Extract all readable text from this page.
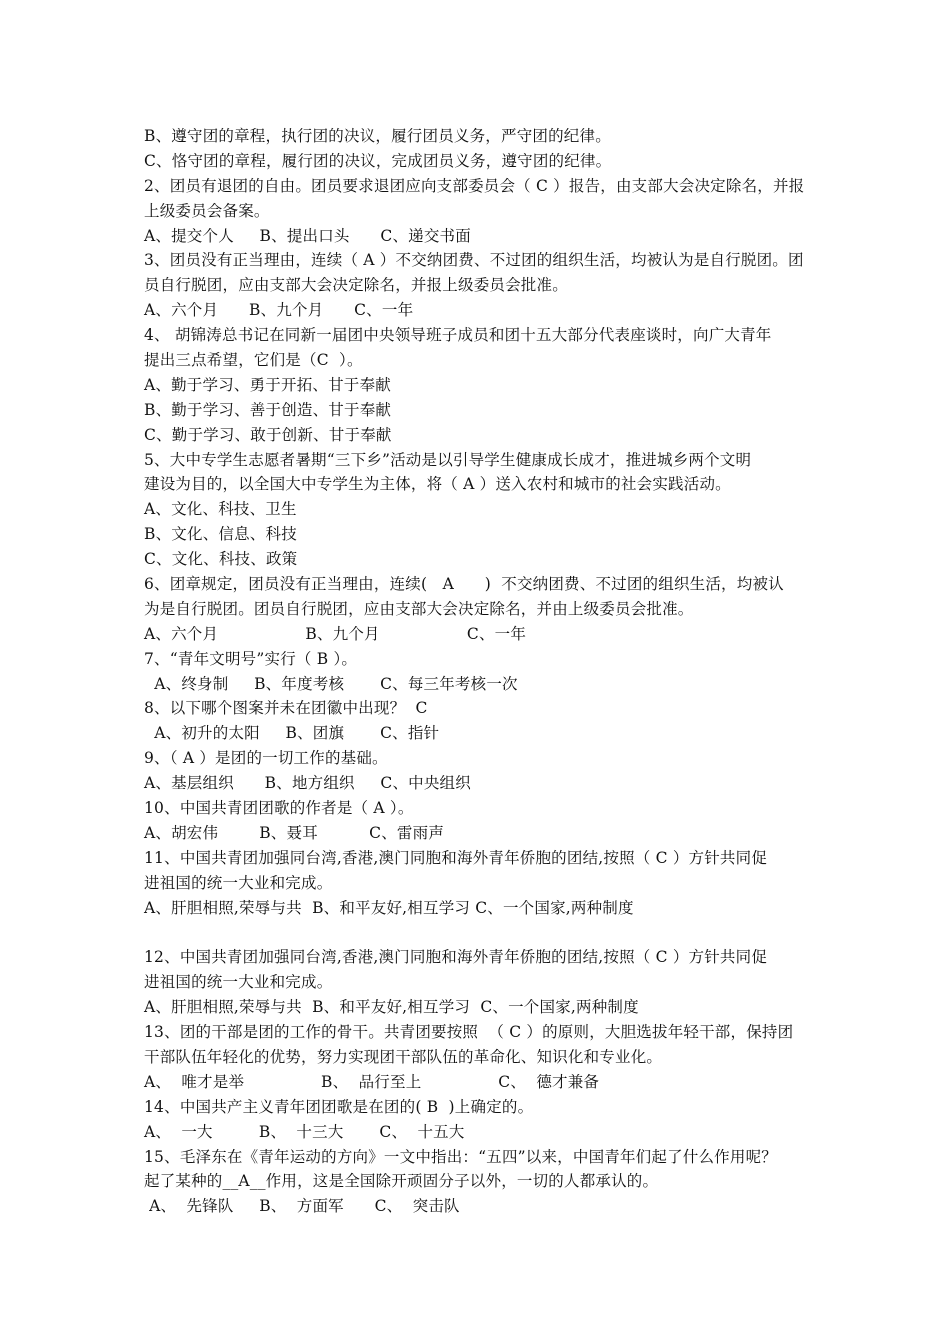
B、遵守团的章程，执行团的决议，履行团员义务，严守团的纪律。
C、恪守团的章程，履行团的决议，完成团员义务，遵守团的纪律。
2、团员有退团的自由。团员要求退团应向支部委员会（ C ）报告，由支部大会决定除名，并报
上级委员会备案。
A、提交个人     B、提出口头      C、递交书面
3、团员没有正当理由，连续（ A ）不交纳团费、不过团的组织生活，均被认为是自行脱团。团
员自行脱团，应由支部大会决定除名，并报上级委员会批准。
A、六个月      B、九个月      C、一年
4、 胡锦涛总书记在同新一届团中央领导班子成员和团十五大部分代表座谈时，向广大青年
提出三点希望，它们是（C  ）。
A、勤于学习、勇于开拓、甘于奉献
B、勤于学习、善于创造、甘于奉献
C、勤于学习、敢于创新、甘于奉献
5、大中专学生志愿者暑期“三下乡”活动是以引导学生健康成长成才，推进城乡两个文明
建设为目的，以全国大中专学生为主体，将（ A ）送入农村和城市的社会实践活动。
A、文化、科技、卫生
B、文化、信息、科技
C、文化、科技、政策
6、团章规定，团员没有正当理由，连续(   A      )  不交纳团费、不过团的组织生活，均被认
为是自行脱团。团员自行脱团，应由支部大会决定除名，并由上级委员会批准。
A、六个月                 B、九个月                 C、一年
7、“青年文明号”实行（ B ）。
A、终身制     B、年度考核       C、每三年考核一次
8、以下哪个图案并未在团徽中出现？  C
A、初升的太阳     B、团旗       C、指针
9、（ A ）是团的一切工作的基础。
A、基层组织      B、地方组织     C、中央组织
10、中国共青团团歌的作者是（ A ）。
A、胡宏伟        B、聂耳          C、雷雨声
11、中国共青团加强同台湾,香港,澳门同胞和海外青年侨胞的团结,按照（ C ）方针共同促
进祖国的统一大业和完成。
A、肝胆相照,荣辱与共  B、和平友好,相互学习 C、一个国家,两种制度
12、中国共青团加强同台湾,香港,澳门同胞和海外青年侨胞的团结,按照（ C ）方针共同促
进祖国的统一大业和完成。
A、肝胆相照,荣辱与共  B、和平友好,相互学习  C、一个国家,两种制度
13、团的干部是团的工作的骨干。共青团要按照  （ C ）的原则，大胆选拔年轻干部，保持团
干部队伍年轻化的优势，努力实现团干部队伍的革命化、知识化和专业化。
A、  唯才是举               B、  品行至上               C、  德才兼备
14、中国共产主义青年团团歌是在团的( B  )上确定的。
A、  一大         B、  十三大       C、  十五大
15、毛泽东在《青年运动的方向》一文中指出：“五四”以来，中国青年们起了什么作用呢？
起了某种的__A__作用，这是全国除开顽固分子以外，一切的人都承认的。
A、  先锋队     B、  方面军      C、  突击队
